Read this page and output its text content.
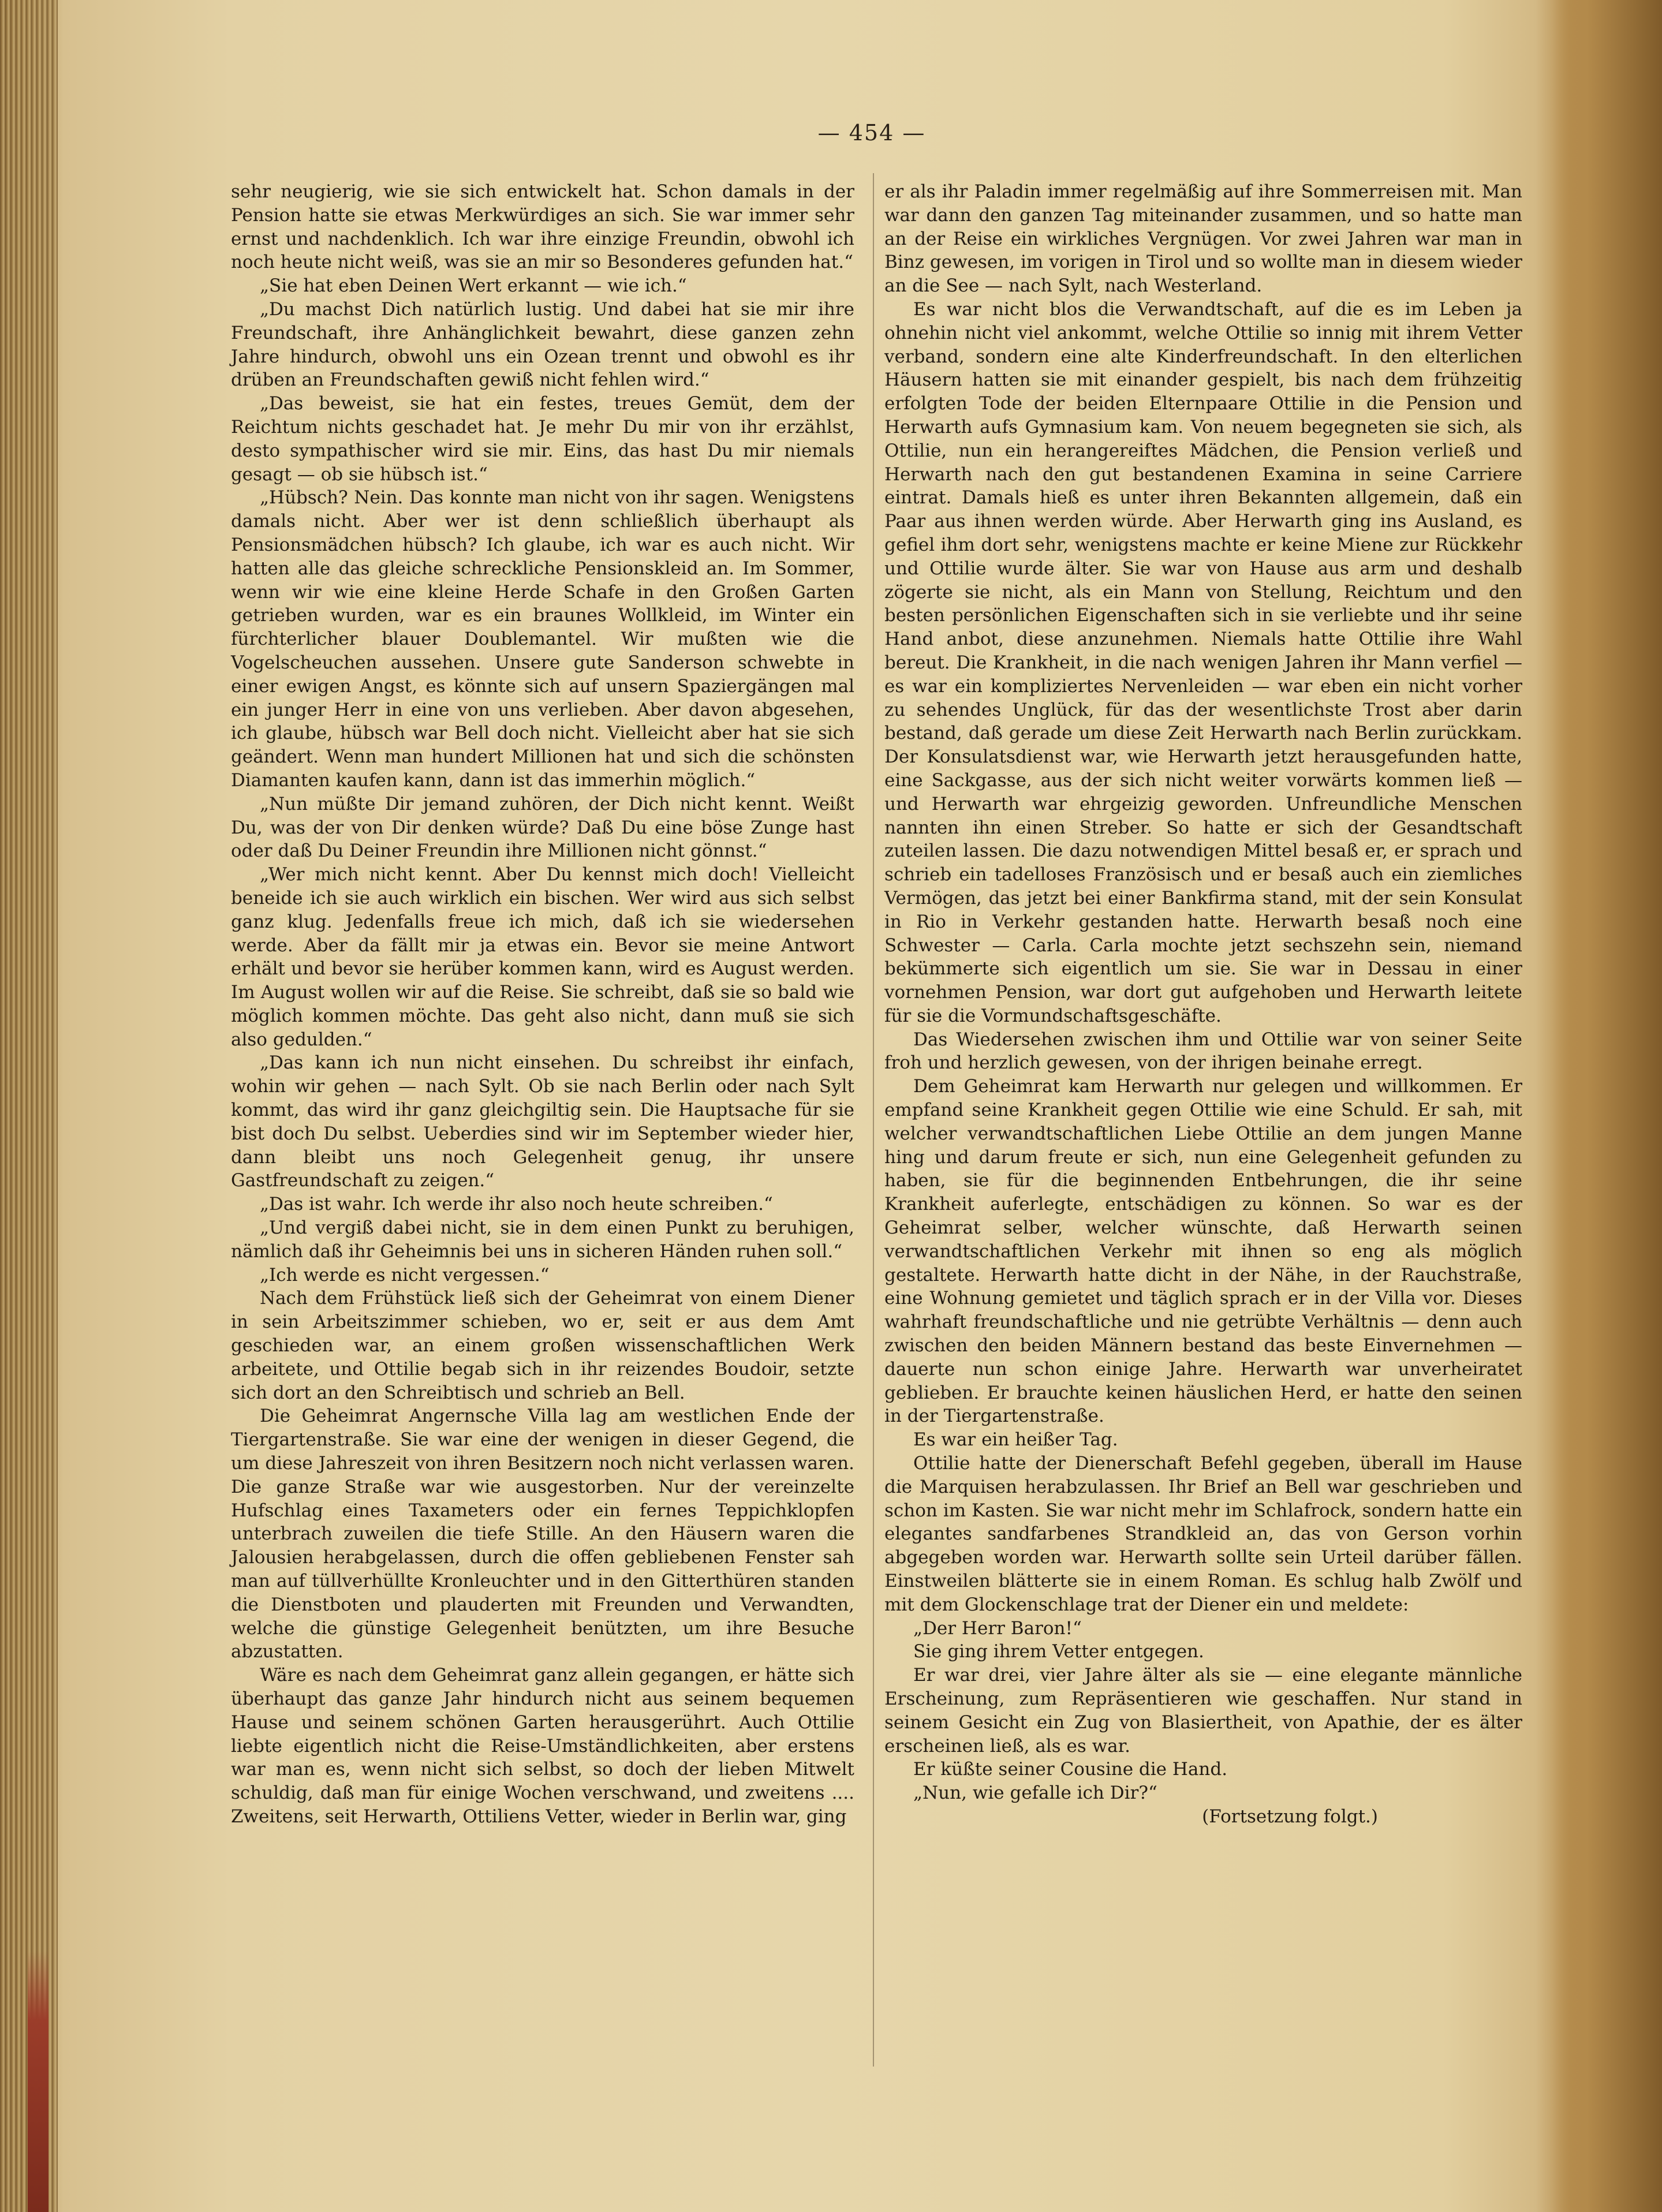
— 454 —

sehr neugierig, wie sie sich entwickelt hat. Schon damals in der Pension hatte sie etwas Merkwürdiges an sich. Sie war immer sehr ernst und nachdenklich. Ich war ihre einzige Freundin, obwohl ich noch heute nicht weiß, was sie an mir so Besonderes gefunden hat.“

„Sie hat eben Deinen Wert erkannt — wie ich.“

„Du machst Dich natürlich lustig. Und dabei hat sie mir ihre Freundschaft, ihre Anhänglichkeit bewahrt, diese ganzen zehn Jahre hindurch, obwohl uns ein Ozean trennt und obwohl es ihr drüben an Freundschaften gewiß nicht fehlen wird.“

„Das beweist, sie hat ein festes, treues Gemüt, dem der Reichtum nichts geschadet hat. Je mehr Du mir von ihr erzählst, desto sympathischer wird sie mir. Eins, das hast Du mir niemals gesagt — ob sie hübsch ist.“

„Hübsch? Nein. Das konnte man nicht von ihr sagen. Wenigstens damals nicht. Aber wer ist denn schließlich überhaupt als Pensionsmädchen hübsch? Ich glaube, ich war es auch nicht. Wir hatten alle das gleiche schreckliche Pensionskleid an. Im Sommer, wenn wir wie eine kleine Herde Schafe in den Großen Garten getrieben wurden, war es ein braunes Wollkleid, im Winter ein fürchterlicher blauer Doublemantel. Wir mußten wie die Vogelscheuchen aussehen. Unsere gute Sanderson schwebte in einer ewigen Angst, es könnte sich auf unsern Spaziergängen mal ein junger Herr in eine von uns verlieben. Aber davon abgesehen, ich glaube, hübsch war Bell doch nicht. Vielleicht aber hat sie sich geändert. Wenn man hundert Millionen hat und sich die schönsten Diamanten kaufen kann, dann ist das immerhin möglich.“

„Nun müßte Dir jemand zuhören, der Dich nicht kennt. Weißt Du, was der von Dir denken würde? Daß Du eine böse Zunge hast oder daß Du Deiner Freundin ihre Millionen nicht gönnst.“

„Wer mich nicht kennt. Aber Du kennst mich doch! Vielleicht beneide ich sie auch wirklich ein bischen. Wer wird aus sich selbst ganz klug. Jedenfalls freue ich mich, daß ich sie wiedersehen werde. Aber da fällt mir ja etwas ein. Bevor sie meine Antwort erhält und bevor sie herüber kommen kann, wird es August werden. Im August wollen wir auf die Reise. Sie schreibt, daß sie so bald wie möglich kommen möchte. Das geht also nicht, dann muß sie sich also gedulden.“

„Das kann ich nun nicht einsehen. Du schreibst ihr einfach, wohin wir gehen — nach Sylt. Ob sie nach Berlin oder nach Sylt kommt, das wird ihr ganz gleichgiltig sein. Die Hauptsache für sie bist doch Du selbst. Ueberdies sind wir im September wieder hier, dann bleibt uns noch Gelegenheit genug, ihr unsere Gastfreundschaft zu zeigen.“

„Das ist wahr. Ich werde ihr also noch heute schreiben.“

„Und vergiß dabei nicht, sie in dem einen Punkt zu beruhigen, nämlich daß ihr Geheimnis bei uns in sicheren Händen ruhen soll.“

„Ich werde es nicht vergessen.“

Nach dem Frühstück ließ sich der Geheimrat von einem Diener in sein Arbeitszimmer schieben, wo er, seit er aus dem Amt geschieden war, an einem großen wissenschaftlichen Werk arbeitete, und Ottilie begab sich in ihr reizendes Boudoir, setzte sich dort an den Schreibtisch und schrieb an Bell.

Die Geheimrat Angernsche Villa lag am westlichen Ende der Tiergartenstraße. Sie war eine der wenigen in dieser Gegend, die um diese Jahreszeit von ihren Besitzern noch nicht verlassen waren. Die ganze Straße war wie ausgestorben. Nur der vereinzelte Hufschlag eines Taxameters oder ein fernes Teppichklopfen unterbrach zuweilen die tiefe Stille. An den Häusern waren die Jalousien herabgelassen, durch die offen gebliebenen Fenster sah man auf tüllverhüllte Kronleuchter und in den Gitterthüren standen die Dienstboten und plauderten mit Freunden und Verwandten, welche die günstige Gelegenheit benützten, um ihre Besuche abzustatten.

Wäre es nach dem Geheimrat ganz allein gegangen, er hätte sich überhaupt das ganze Jahr hindurch nicht aus seinem bequemen Hause und seinem schönen Garten herausgerührt. Auch Ottilie liebte eigentlich nicht die Reise-Umständlichkeiten, aber erstens war man es, wenn nicht sich selbst, so doch der lieben Mitwelt schuldig, daß man für einige Wochen verschwand, und zweitens .... Zweitens, seit Herwarth, Ottiliens Vetter, wieder in Berlin war, ging

er als ihr Paladin immer regelmäßig auf ihre Sommerreisen mit. Man war dann den ganzen Tag miteinander zusammen, und so hatte man an der Reise ein wirkliches Vergnügen. Vor zwei Jahren war man in Binz gewesen, im vorigen in Tirol und so wollte man in diesem wieder an die See — nach Sylt, nach Westerland.

Es war nicht blos die Verwandtschaft, auf die es im Leben ja ohnehin nicht viel ankommt, welche Ottilie so innig mit ihrem Vetter verband, sondern eine alte Kinderfreundschaft. In den elterlichen Häusern hatten sie mit einander gespielt, bis nach dem frühzeitig erfolgten Tode der beiden Elternpaare Ottilie in die Pension und Herwarth aufs Gymnasium kam. Von neuem begegneten sie sich, als Ottilie, nun ein herangereiftes Mädchen, die Pension verließ und Herwarth nach den gut bestandenen Examina in seine Carriere eintrat. Damals hieß es unter ihren Bekannten allgemein, daß ein Paar aus ihnen werden würde. Aber Herwarth ging ins Ausland, es gefiel ihm dort sehr, wenigstens machte er keine Miene zur Rückkehr und Ottilie wurde älter. Sie war von Hause aus arm und deshalb zögerte sie nicht, als ein Mann von Stellung, Reichtum und den besten persönlichen Eigenschaften sich in sie verliebte und ihr seine Hand anbot, diese anzunehmen. Niemals hatte Ottilie ihre Wahl bereut. Die Krankheit, in die nach wenigen Jahren ihr Mann verfiel — es war ein kompliziertes Nervenleiden — war eben ein nicht vorher zu sehendes Unglück, für das der wesentlichste Trost aber darin bestand, daß gerade um diese Zeit Herwarth nach Berlin zurückkam. Der Konsulatsdienst war, wie Herwarth jetzt herausgefunden hatte, eine Sackgasse, aus der sich nicht weiter vorwärts kommen ließ — und Herwarth war ehrgeizig geworden. Unfreundliche Menschen nannten ihn einen Streber. So hatte er sich der Gesandtschaft zuteilen lassen. Die dazu notwendigen Mittel besaß er, er sprach und schrieb ein tadelloses Französisch und er besaß auch ein ziemliches Vermögen, das jetzt bei einer Bankfirma stand, mit der sein Konsulat in Rio in Verkehr gestanden hatte. Herwarth besaß noch eine Schwester — Carla. Carla mochte jetzt sechszehn sein, niemand bekümmerte sich eigentlich um sie. Sie war in Dessau in einer vornehmen Pension, war dort gut aufgehoben und Herwarth leitete für sie die Vormundschaftsgeschäfte.

Das Wiedersehen zwischen ihm und Ottilie war von seiner Seite froh und herzlich gewesen, von der ihrigen beinahe erregt.

Dem Geheimrat kam Herwarth nur gelegen und willkommen. Er empfand seine Krankheit gegen Ottilie wie eine Schuld. Er sah, mit welcher verwandtschaftlichen Liebe Ottilie an dem jungen Manne hing und darum freute er sich, nun eine Gelegenheit gefunden zu haben, sie für die beginnenden Entbehrungen, die ihr seine Krankheit auferlegte, entschädigen zu können. So war es der Geheimrat selber, welcher wünschte, daß Herwarth seinen verwandtschaftlichen Verkehr mit ihnen so eng als möglich gestaltete. Herwarth hatte dicht in der Nähe, in der Rauchstraße, eine Wohnung gemietet und täglich sprach er in der Villa vor. Dieses wahrhaft freundschaftliche und nie getrübte Verhältnis — denn auch zwischen den beiden Männern bestand das beste Einvernehmen — dauerte nun schon einige Jahre. Herwarth war unverheiratet geblieben. Er brauchte keinen häuslichen Herd, er hatte den seinen in der Tiergartenstraße.

Es war ein heißer Tag.

Ottilie hatte der Dienerschaft Befehl gegeben, überall im Hause die Marquisen herabzulassen. Ihr Brief an Bell war geschrieben und schon im Kasten. Sie war nicht mehr im Schlafrock, sondern hatte ein elegantes sandfarbenes Strandkleid an, das von Gerson vorhin abgegeben worden war. Herwarth sollte sein Urteil darüber fällen. Einstweilen blätterte sie in einem Roman. Es schlug halb Zwölf und mit dem Glockenschlage trat der Diener ein und meldete:

„Der Herr Baron!“

Sie ging ihrem Vetter entgegen.

Er war drei, vier Jahre älter als sie — eine elegante männliche Erscheinung, zum Repräsentieren wie geschaffen. Nur stand in seinem Gesicht ein Zug von Blasiertheit, von Apathie, der es älter erscheinen ließ, als es war.

Er küßte seiner Cousine die Hand.

„Nun, wie gefalle ich Dir?“

(Fortsetzung folgt.)
